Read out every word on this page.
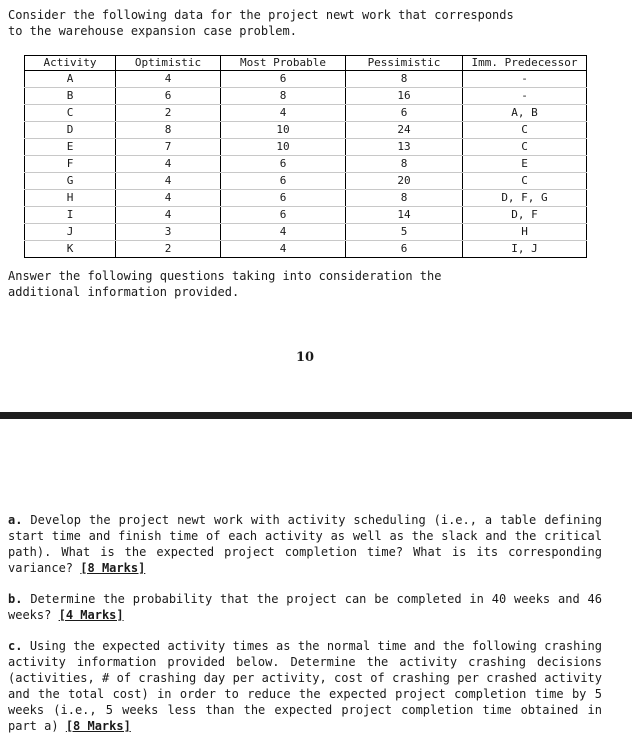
Consider the following data for the project newt work that corresponds
to the warehouse expansion case problem.
Activity	Optimistic	Most Probable	Pessimistic	Imm. Predecessor
A	4	6	8	-
B	6	8	16	-
C	2	4	6	A, B
D	8	10	24	C
E	7	10	13	C
F	4	6	8	E
G	4	6	20	C
H	4	6	8	D, F, G
I	4	6	14	D, F
J	3	4	5	H
K	2	4	6	I, J
Answer the following questions taking into consideration the
additional information provided.
10
a. Develop the project newt work with activity scheduling (i.e., a table defining start time and finish time of each activity as well as the slack and the critical path). What is the expected project completion time? What is its corresponding variance? [8 Marks]
b. Determine the probability that the project can be completed in 40 weeks and 46 weeks? [4 Marks]
c. Using the expected activity times as the normal time and the following crashing activity information provided below. Determine the activity crashing decisions (activities, # of crashing day per activity, cost of crashing per crashed activity and the total cost) in order to reduce the expected project completion time by 5 weeks (i.e., 5 weeks less than the expected project completion time obtained in part a) [8 Marks]
